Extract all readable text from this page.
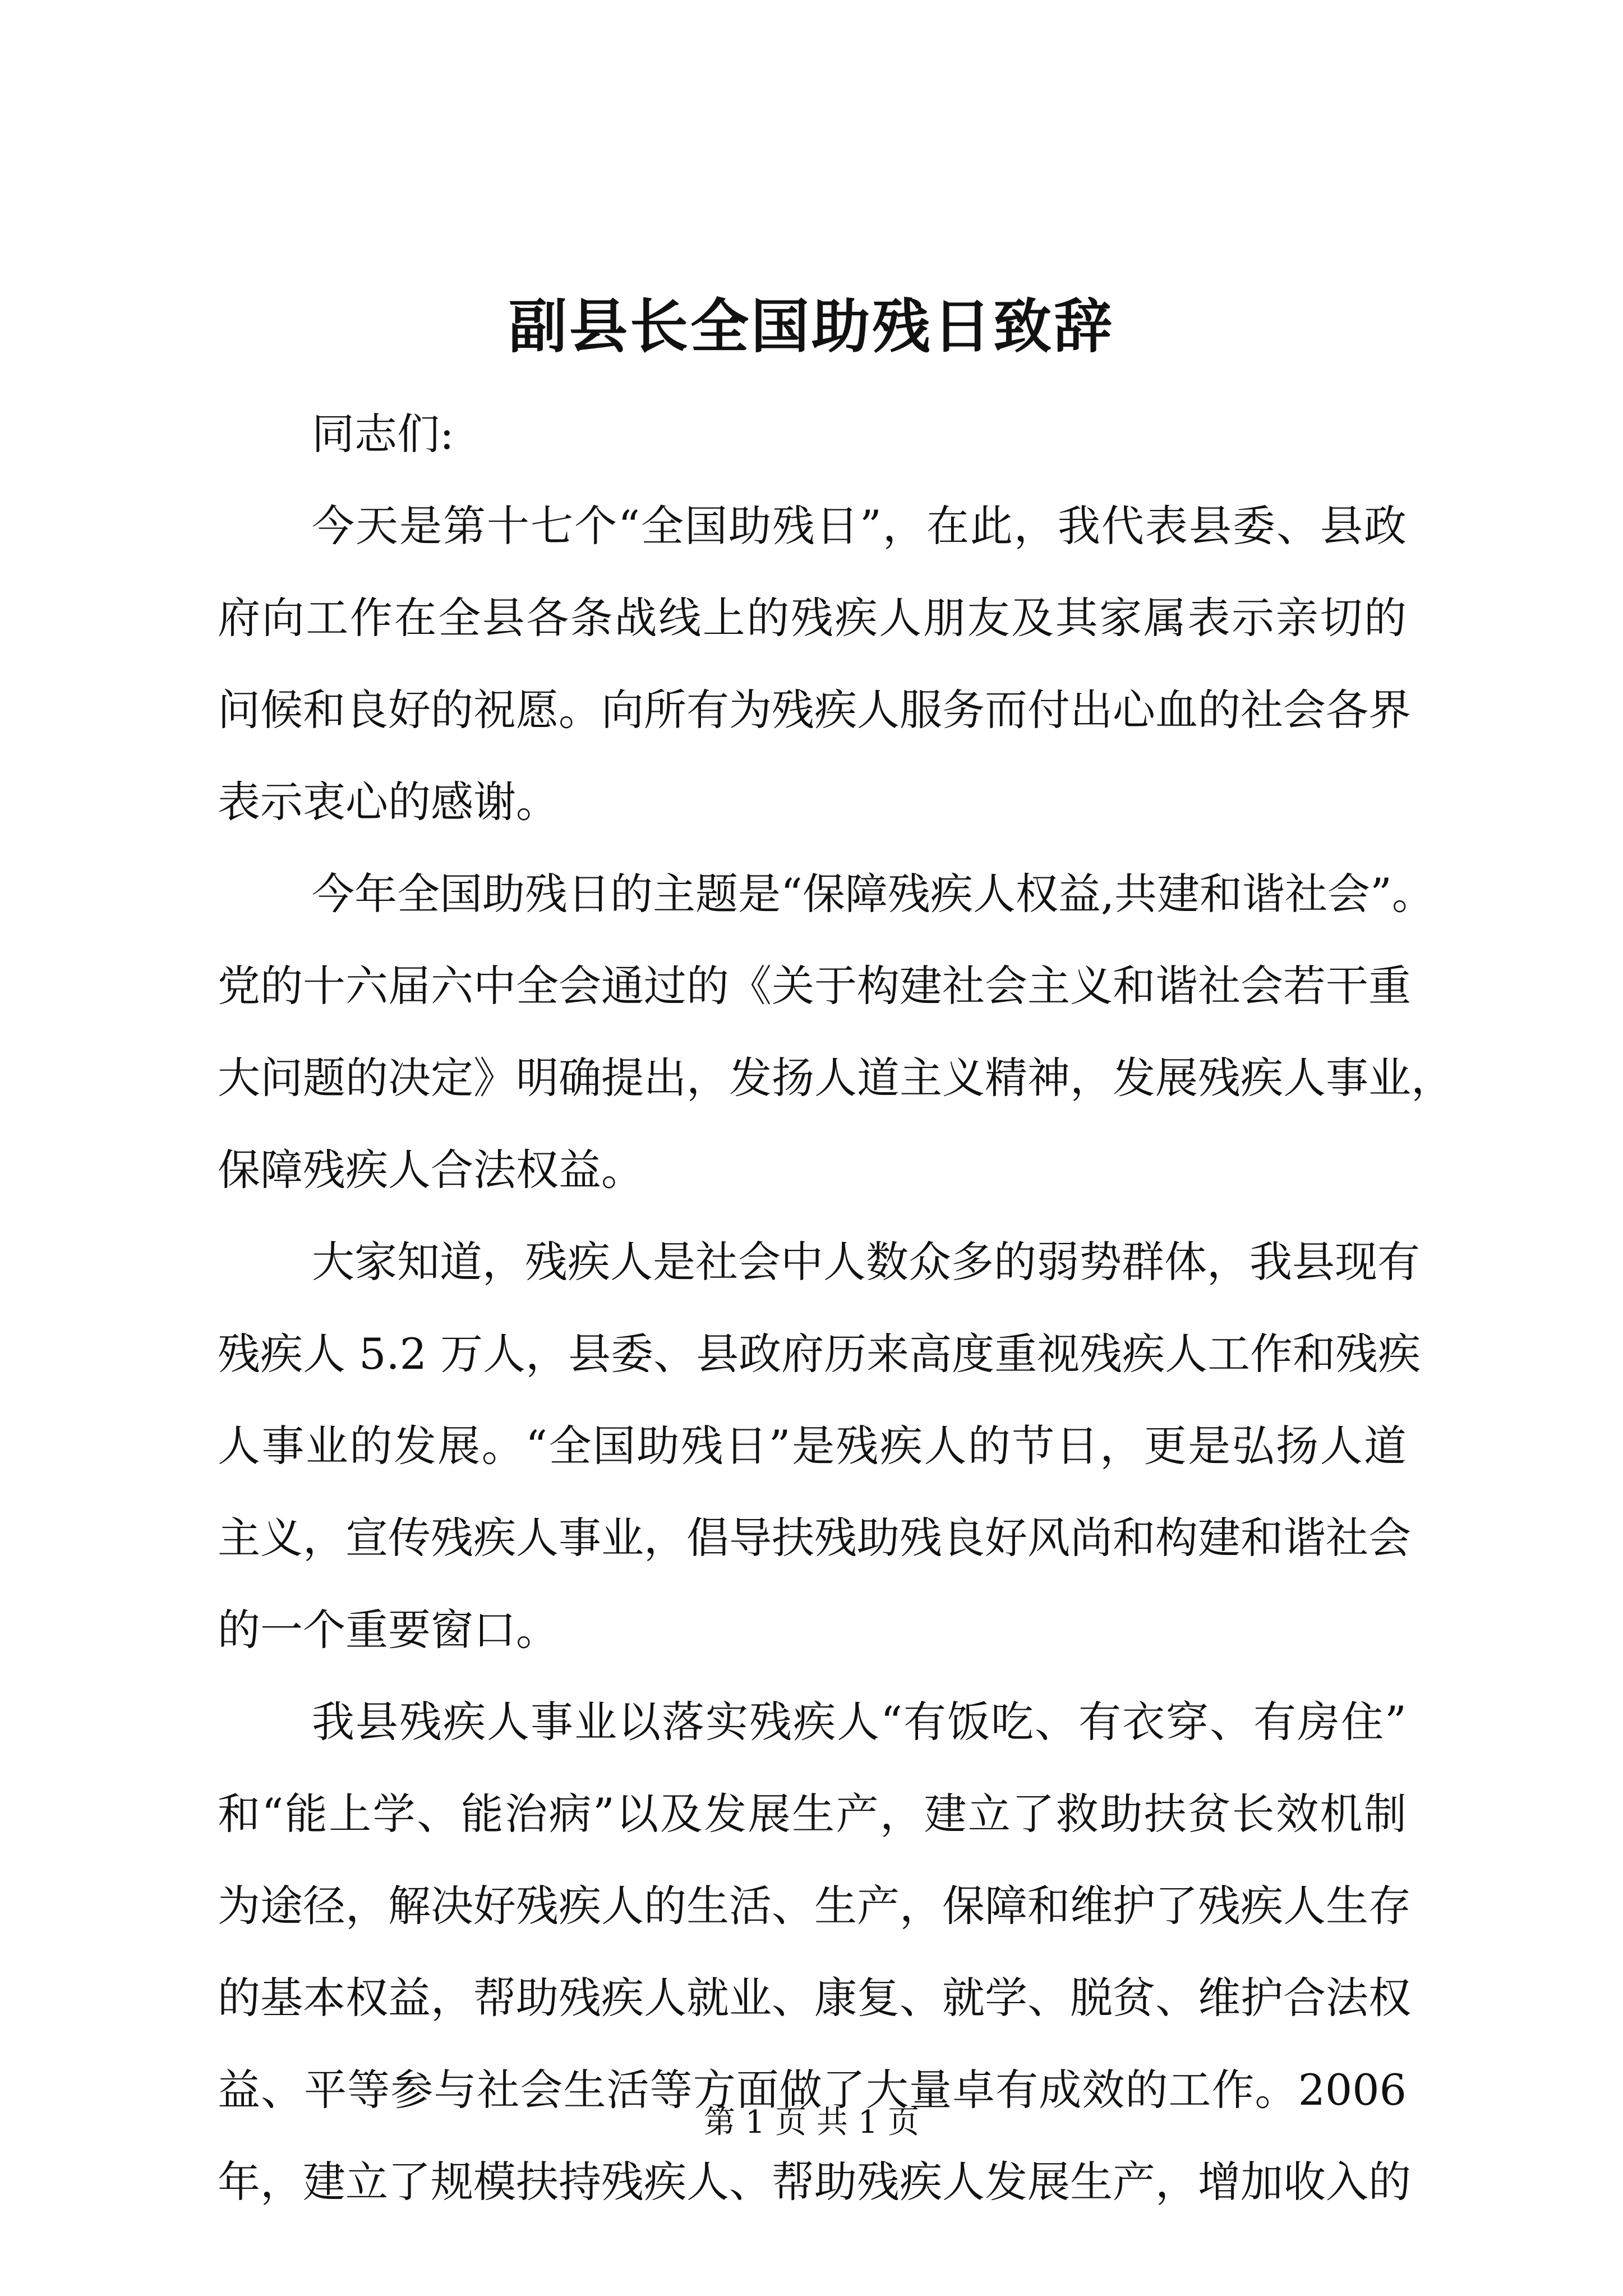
副县长全国助残日致辞

同志们:

今天是第十七个“全国助残日”，在此，我代表县委、县政
府向工作在全县各条战线上的残疾人朋友及其家属表示亲切的
问候和良好的祝愿。向所有为残疾人服务而付出心血的社会各界
表示衷心的感谢。

今年全国助残日的主题是“保障残疾人权益,共建和谐社会”。
党的十六届六中全会通过的《关于构建社会主义和谐社会若干重
大问题的决定》明确提出，发扬人道主义精神，发展残疾人事业，
保障残疾人合法权益。

大家知道，残疾人是社会中人数众多的弱势群体，我县现有
残疾人 5.2 万人，县委、县政府历来高度重视残疾人工作和残疾
人事业的发展。“全国助残日”是残疾人的节日，更是弘扬人道
主义，宣传残疾人事业，倡导扶残助残良好风尚和构建和谐社会
的一个重要窗口。

我县残疾人事业以落实残疾人“有饭吃、有衣穿、有房住”
和“能上学、能治病”以及发展生产，建立了救助扶贫长效机制
为途径，解决好残疾人的生活、生产，保障和维护了残疾人生存
的基本权益，帮助残疾人就业、康复、就学、脱贫、维护合法权
益、平等参与社会生活等方面做了大量卓有成效的工作。2006
年，建立了规模扶持残疾人、帮助残疾人发展生产，增加收入的

第 1 页 共 1 页
